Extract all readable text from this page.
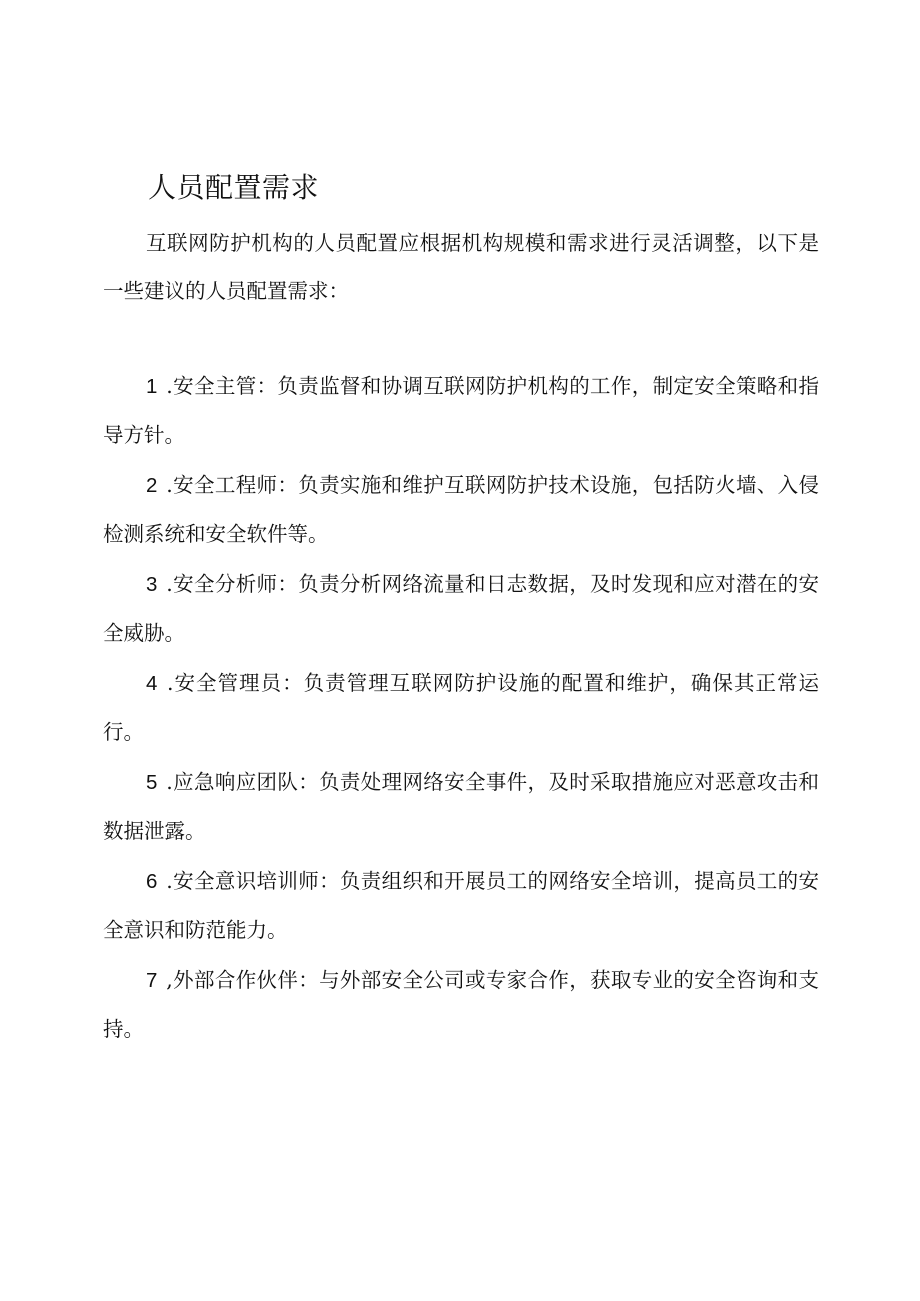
人员配置需求

互联网防护机构的人员配置应根据机构规模和需求进行灵活调整，以下是一些建议的人员配置需求：

1 .安全主管：负责监督和协调互联网防护机构的工作，制定安全策略和指导方针。

2 .安全工程师：负责实施和维护互联网防护技术设施，包括防火墙、入侵检测系统和安全软件等。

3 .安全分析师：负责分析网络流量和日志数据，及时发现和应对潜在的安全威胁。

4 .安全管理员：负责管理互联网防护设施的配置和维护，确保其正常运行。

5 .应急响应团队：负责处理网络安全事件，及时采取措施应对恶意攻击和数据泄露。

6 .安全意识培训师：负责组织和开展员工的网络安全培训，提高员工的安全意识和防范能力。

7 ,外部合作伙伴：与外部安全公司或专家合作，获取专业的安全咨询和支持。
